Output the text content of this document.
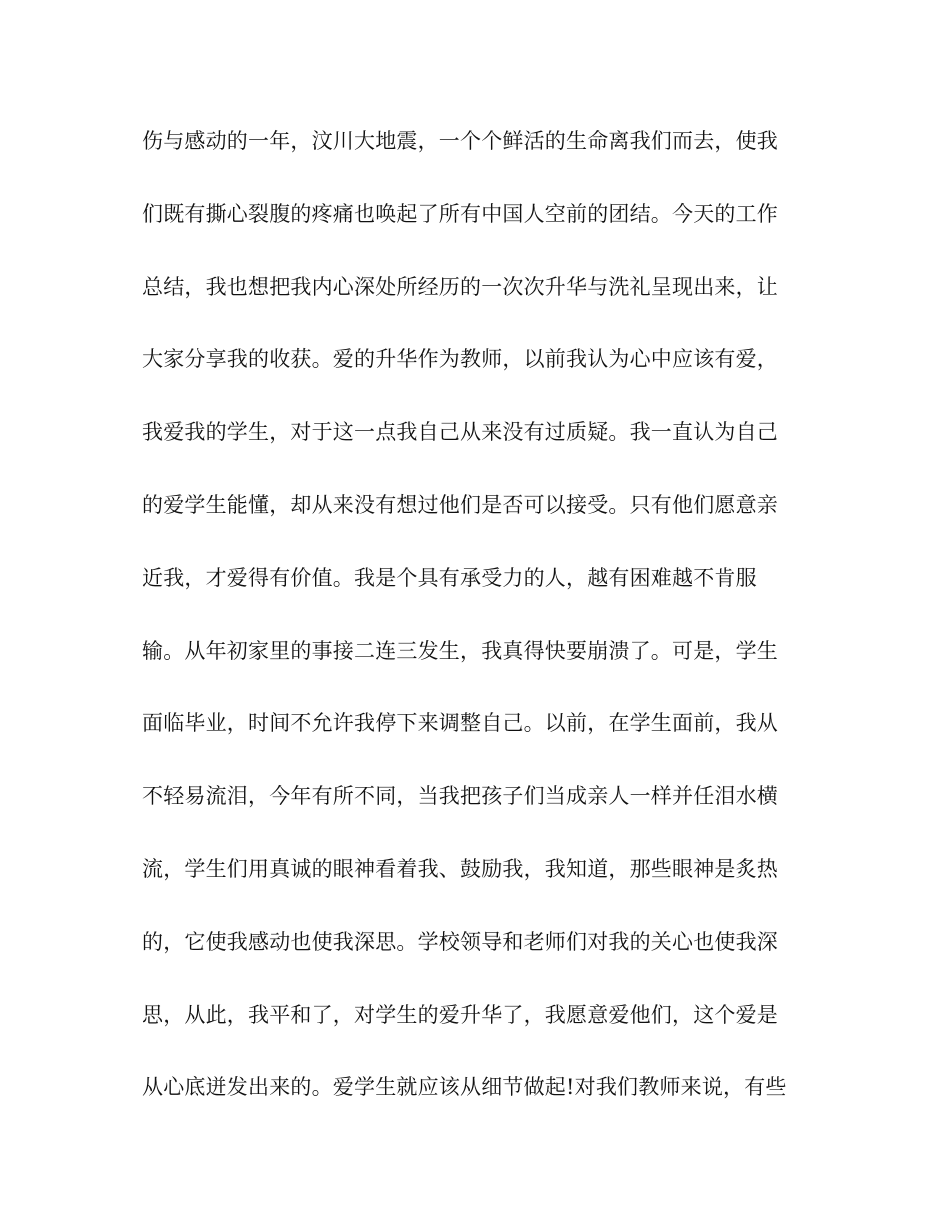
伤与感动的一年，汶川大地震，一个个鲜活的生命离我们而去，使我
们既有撕心裂腹的疼痛也唤起了所有中国人空前的团结。今天的工作
总结，我也想把我内心深处所经历的一次次升华与洗礼呈现出来，让
大家分享我的收获。爱的升华作为教师，以前我认为心中应该有爱，
我爱我的学生，对于这一点我自己从来没有过质疑。我一直认为自己
的爱学生能懂，却从来没有想过他们是否可以接受。只有他们愿意亲
近我，才爱得有价值。我是个具有承受力的人，越有困难越不肯服
输。从年初家里的事接二连三发生，我真得快要崩溃了。可是，学生
面临毕业，时间不允许我停下来调整自己。以前，在学生面前，我从
不轻易流泪，今年有所不同，当我把孩子们当成亲人一样并任泪水横
流，学生们用真诚的眼神看着我、鼓励我，我知道，那些眼神是炙热
的，它使我感动也使我深思。学校领导和老师们对我的关心也使我深
思，从此，我平和了，对学生的爱升华了，我愿意爱他们，这个爱是
从心底迸发出来的。爱学生就应该从细节做起!对我们教师来说，有些
